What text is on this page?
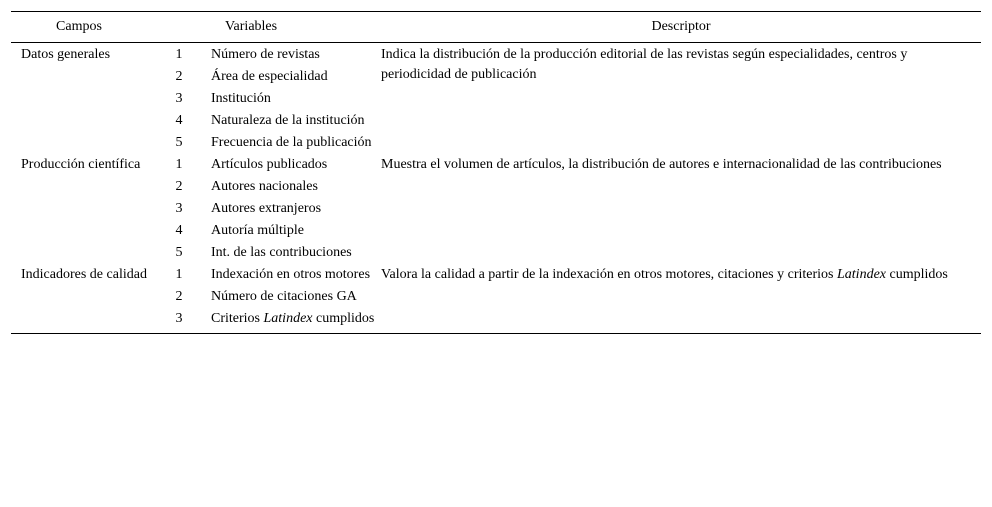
Campos	Variables		Descriptor
Datos generales	1	Número de revistas	Indica la distribución de la producción editorial de las revistas según especialidades, centros y periodicidad de publicación
	2	Área de especialidad	
	3	Institución	
	4	Naturaleza de la institución	
	5	Frecuencia de la publicación	
Producción científica	1	Artículos publicados	Muestra el volumen de artículos, la distribución de autores e internacionalidad de las contribuciones
	2	Autores nacionales	
	3	Autores extranjeros	
	4	Autoría múltiple	
	5	Int. de las contribuciones	
Indicadores de calidad	1	Indexación en otros motores	Valora la calidad a partir de la indexación en otros motores, citaciones y criterios Latindex cumplidos
	2	Número de citaciones GA	
	3	Criterios Latindex cumplidos	
